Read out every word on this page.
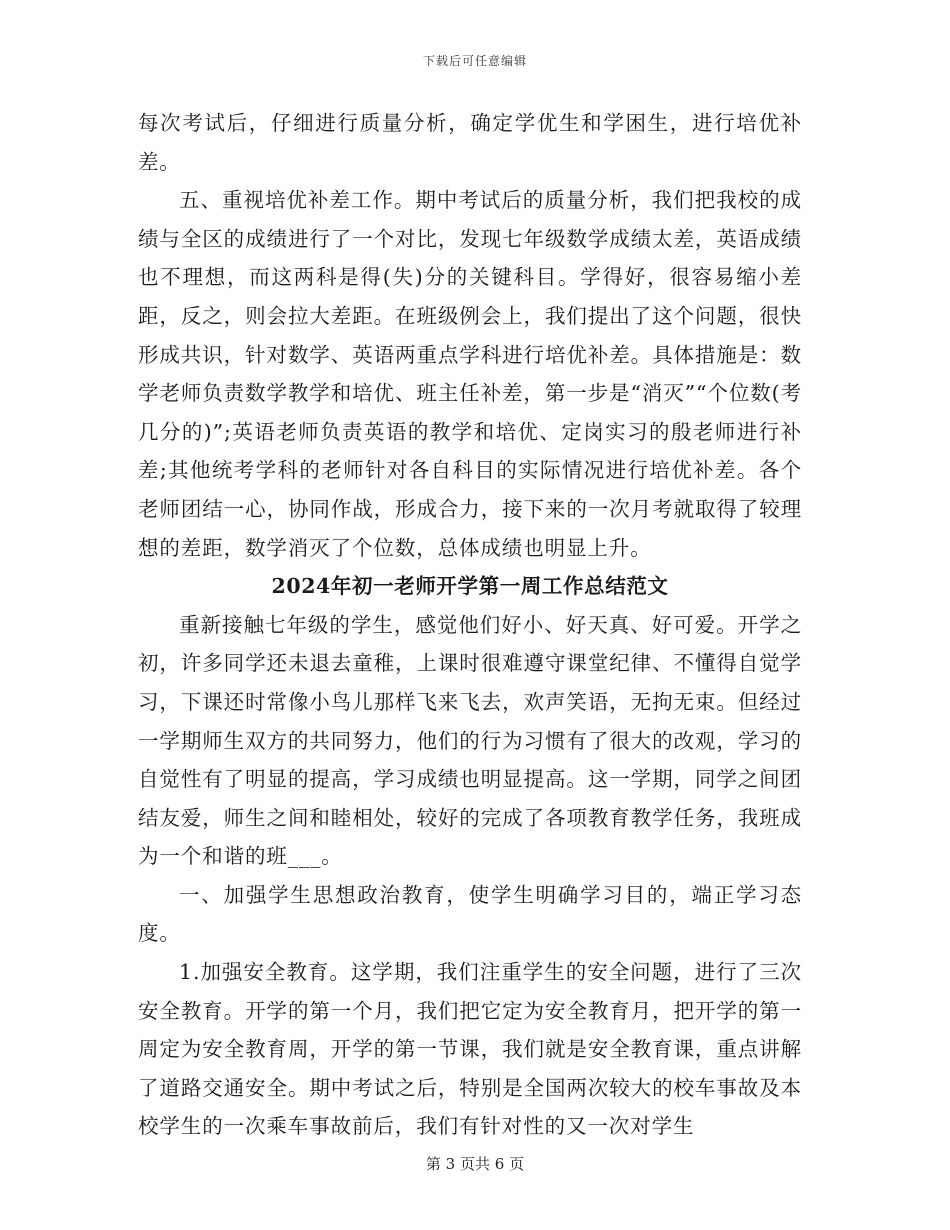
下载后可任意编辑

每次考试后，仔细进行质量分析，确定学优生和学困生，进行培优补差。

五、重视培优补差工作。期中考试后的质量分析，我们把我校的成绩与全区的成绩进行了一个对比，发现七年级数学成绩太差，英语成绩也不理想，而这两科是得(失)分的关键科目。学得好，很容易缩小差距，反之，则会拉大差距。在班级例会上，我们提出了这个问题，很快形成共识，针对数学、英语两重点学科进行培优补差。具体措施是：数学老师负责数学教学和培优、班主任补差，第一步是“消灭”“个位数(考几分的)”;英语老师负责英语的教学和培优、定岗实习的殷老师进行补差;其他统考学科的老师针对各自科目的实际情况进行培优补差。各个老师团结一心，协同作战，形成合力，接下来的一次月考就取得了较理想的差距，数学消灭了个位数，总体成绩也明显上升。

2024年初一老师开学第一周工作总结范文

重新接触七年级的学生，感觉他们好小、好天真、好可爱。开学之初，许多同学还未退去童稚，上课时很难遵守课堂纪律、不懂得自觉学习，下课还时常像小鸟儿那样飞来飞去，欢声笑语，无拘无束。但经过一学期师生双方的共同努力，他们的行为习惯有了很大的改观，学习的自觉性有了明显的提高，学习成绩也明显提高。这一学期，同学之间团结友爱，师生之间和睦相处，较好的完成了各项教育教学任务，我班成为一个和谐的班___。

一、加强学生思想政治教育，使学生明确学习目的，端正学习态度。

1.加强安全教育。这学期，我们注重学生的安全问题，进行了三次安全教育。开学的第一个月，我们把它定为安全教育月，把开学的第一周定为安全教育周，开学的第一节课，我们就是安全教育课，重点讲解了道路交通安全。期中考试之后，特别是全国两次较大的校车事故及本校学生的一次乘车事故前后，我们有针对性的又一次对学生

第 3 页共 6 页
